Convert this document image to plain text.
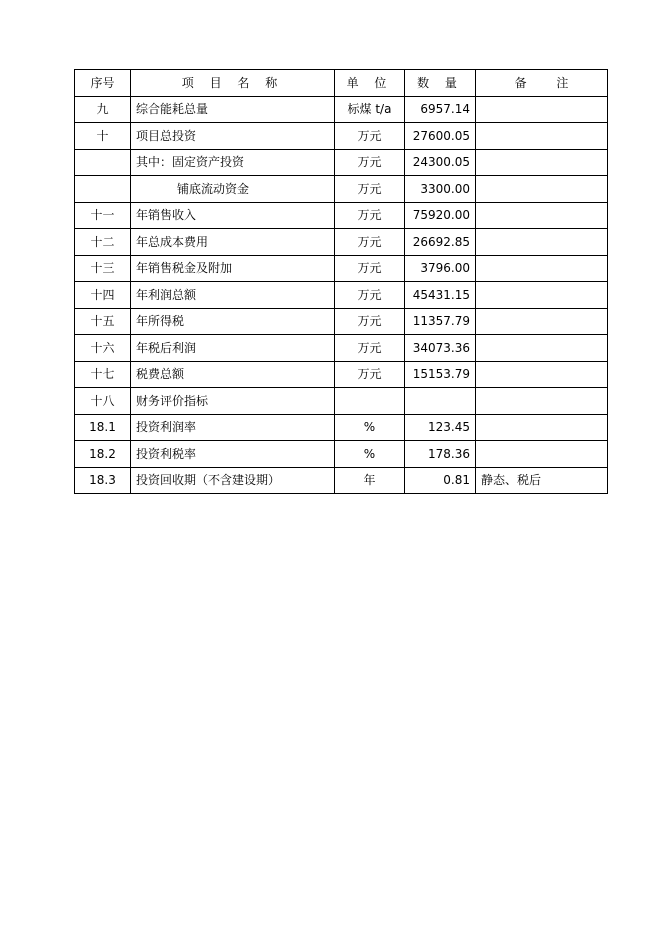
序号	项 目 名 称	单 位	数 量	备 注
九	综合能耗总量	标煤 t/a	6957.14	
十	项目总投资	万元	27600.05	
	其中：固定资产投资	万元	24300.05	
	铺底流动资金	万元	3300.00	
十一	年销售收入	万元	75920.00	
十二	年总成本费用	万元	26692.85	
十三	年销售税金及附加	万元	3796.00	
十四	年利润总额	万元	45431.15	
十五	年所得税	万元	11357.79	
十六	年税后利润	万元	34073.36	
十七	税费总额	万元	15153.79	
十八	财务评价指标			
18.1	投资利润率	%	123.45	
18.2	投资利税率	%	178.36	
18.3	投资回收期（不含建设期）	年	0.81	静态、税后
